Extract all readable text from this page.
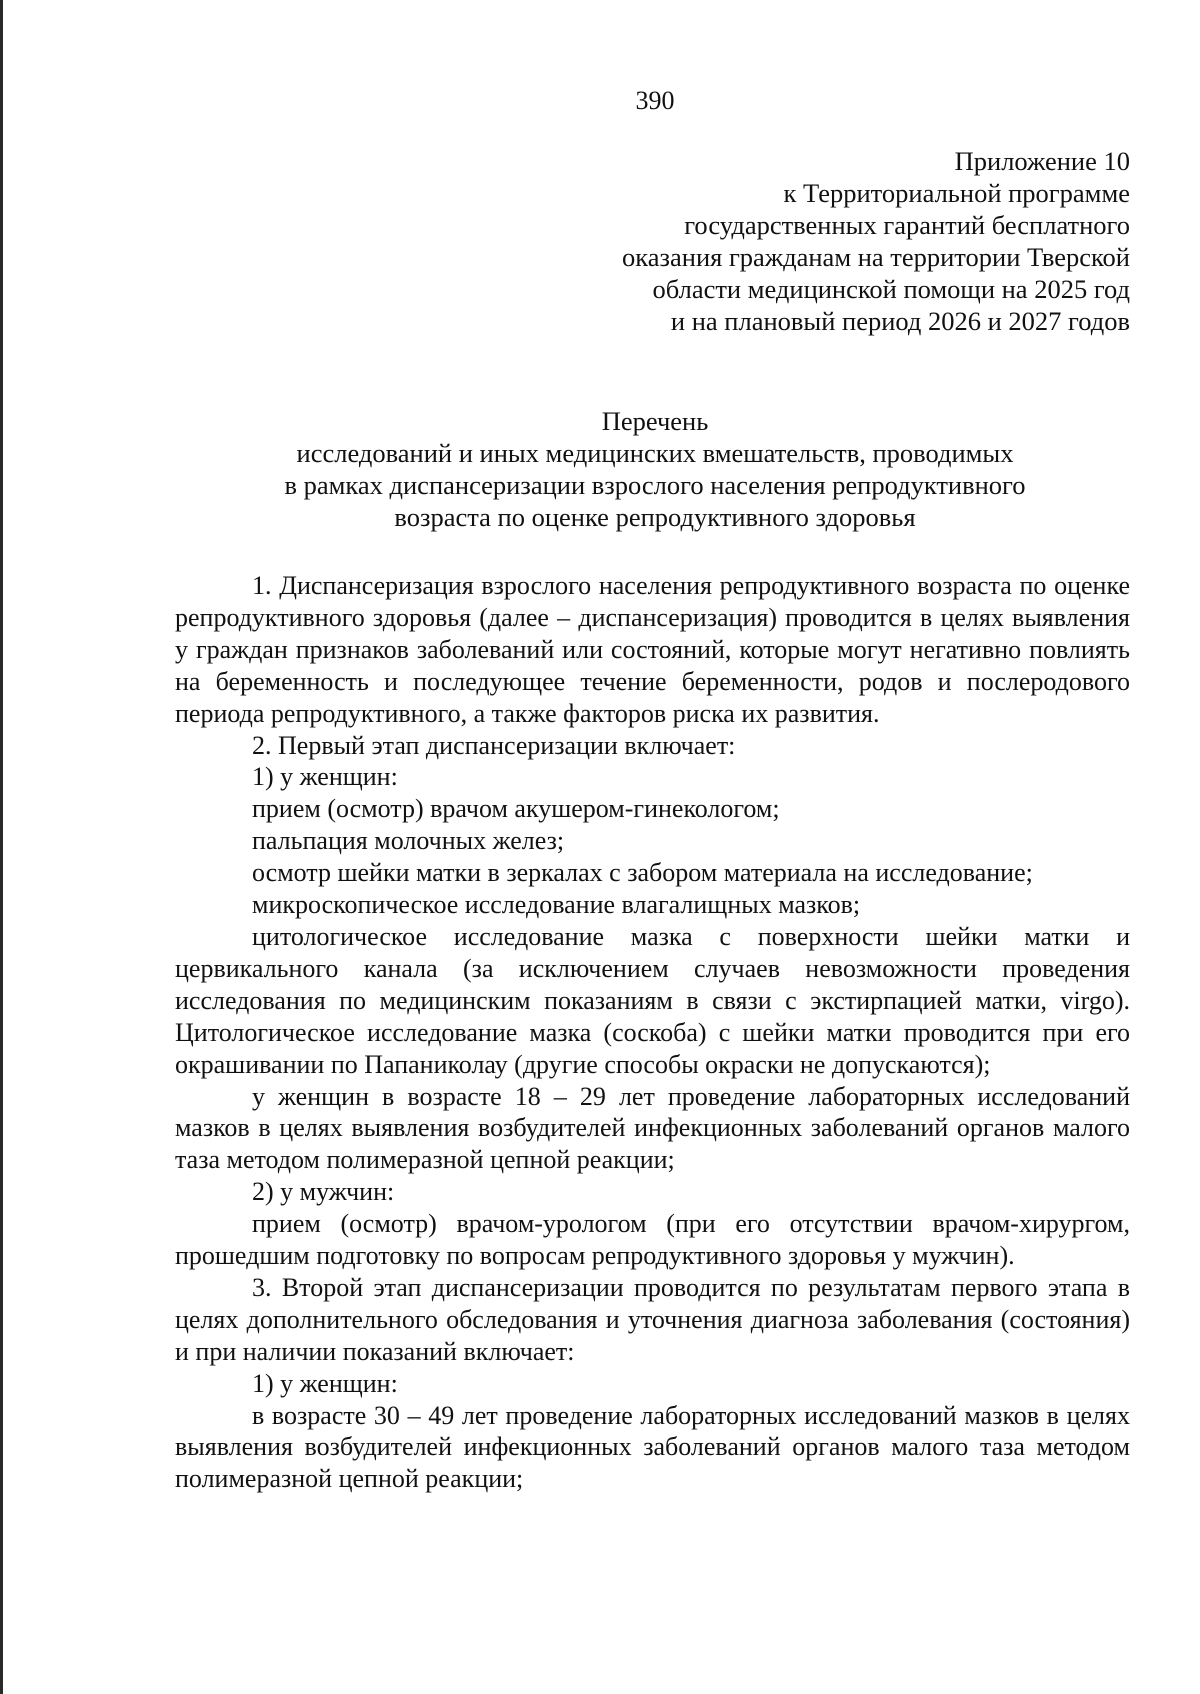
390
Приложение 10
к Территориальной программе
государственных гарантий бесплатного
оказания гражданам на территории Тверской
области медицинской помощи на 2025 год
и на плановый период 2026 и 2027 годов
Перечень
исследований и иных медицинских вмешательств, проводимых
в рамках диспансеризации взрослого населения репродуктивного
возраста по оценке репродуктивного здоровья

1. Диспансеризация взрослого населения репродуктивного возраста по оценке репродуктивного здоровья (далее – диспансеризация) проводится в целях выявления у граждан признаков заболеваний или состояний, которые могут негативно повлиять на беременность и последующее течение беременности, родов и послеродового периода репродуктивного, а также факторов риска их развития.

2. Первый этап диспансеризации включает:

1) у женщин:

прием (осмотр) врачом акушером-гинекологом;

пальпация молочных желез;

осмотр шейки матки в зеркалах с забором материала на исследование;

микроскопическое исследование влагалищных мазков;

цитологическое исследование мазка с поверхности шейки матки и цервикального канала (за исключением случаев невозможности проведения исследования по медицинским показаниям в связи с экстирпацией матки, virgo). Цитологическое исследование мазка (соскоба) с шейки матки проводится при его окрашивании по Папаниколау (другие способы окраски не допускаются);

у женщин в возрасте 18 – 29 лет проведение лабораторных исследований мазков в целях выявления возбудителей инфекционных заболеваний органов малого таза методом полимеразной цепной реакции;

2) у мужчин:

прием (осмотр) врачом-урологом (при его отсутствии врачом-хирургом, прошедшим подготовку по вопросам репродуктивного здоровья у мужчин).

3. Второй этап диспансеризации проводится по результатам первого этапа в целях дополнительного обследования и уточнения диагноза заболевания (состояния) и при наличии показаний включает:

1) у женщин:

в возрасте 30 – 49 лет проведение лабораторных исследований мазков в целях выявления возбудителей инфекционных заболеваний органов малого таза методом полимеразной цепной реакции;
